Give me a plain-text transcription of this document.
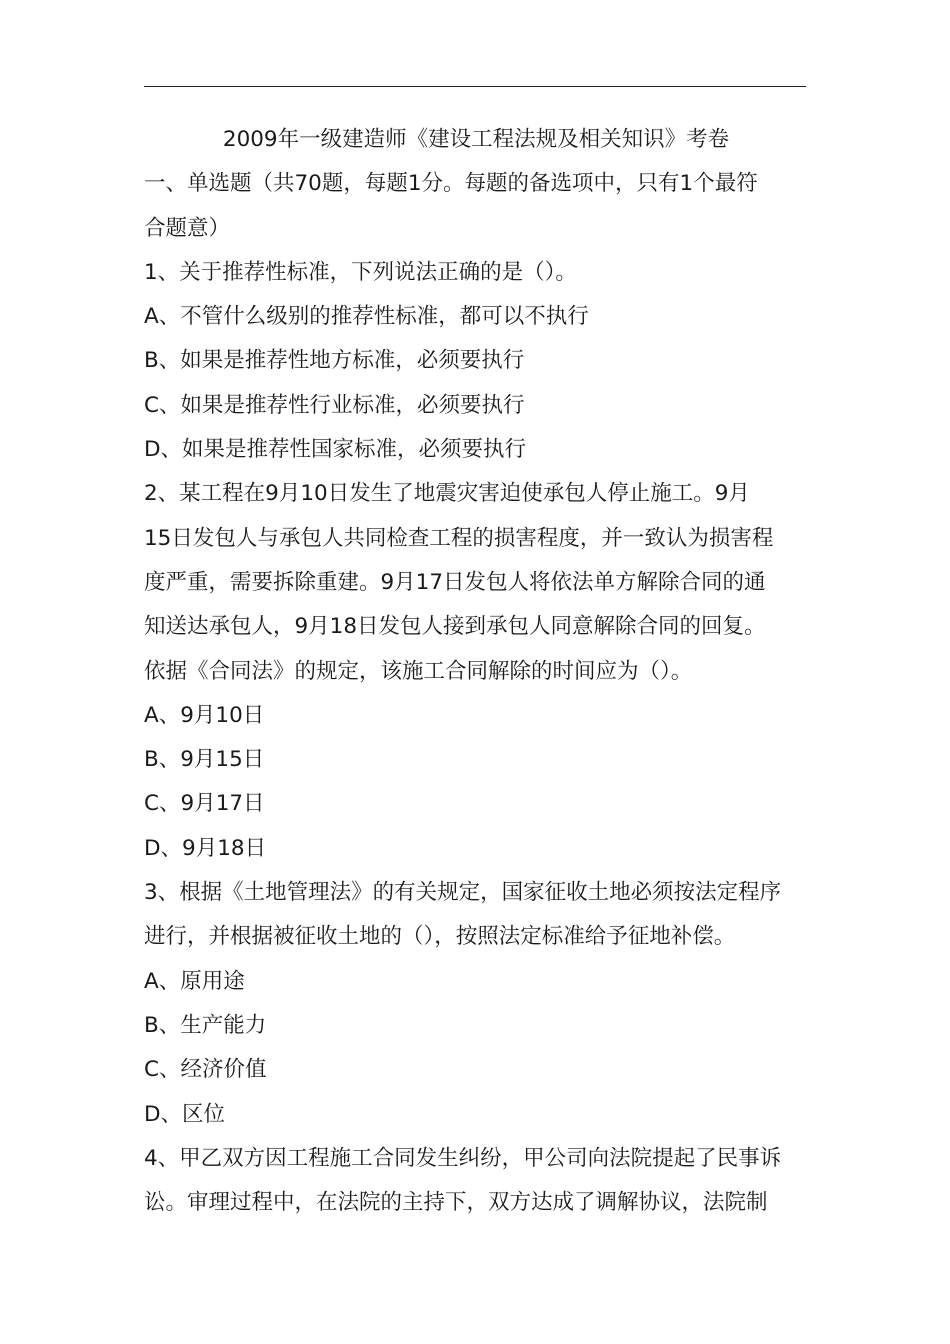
2009年一级建造师《建设工程法规及相关知识》考卷
一、单选题（共70题，每题1分。每题的备选项中，只有1个最符
合题意）
1、关于推荐性标准，下列说法正确的是（）。
A、不管什么级别的推荐性标准，都可以不执行
B、如果是推荐性地方标准，必须要执行
C、如果是推荐性行业标准，必须要执行
D、如果是推荐性国家标准，必须要执行
2、某工程在9月10日发生了地震灾害迫使承包人停止施工。9月
15日发包人与承包人共同检查工程的损害程度，并一致认为损害程
度严重，需要拆除重建。9月17日发包人将依法单方解除合同的通
知送达承包人，9月18日发包人接到承包人同意解除合同的回复。
依据《合同法》的规定，该施工合同解除的时间应为（）。
A、9月10日
B、9月15日
C、9月17日
D、9月18日
3、根据《土地管理法》的有关规定，国家征收土地必须按法定程序
进行，并根据被征收土地的（），按照法定标准给予征地补偿。
A、原用途
B、生产能力
C、经济价值
D、区位
4、甲乙双方因工程施工合同发生纠纷，甲公司向法院提起了民事诉
讼。审理过程中，在法院的主持下，双方达成了调解协议，法院制
